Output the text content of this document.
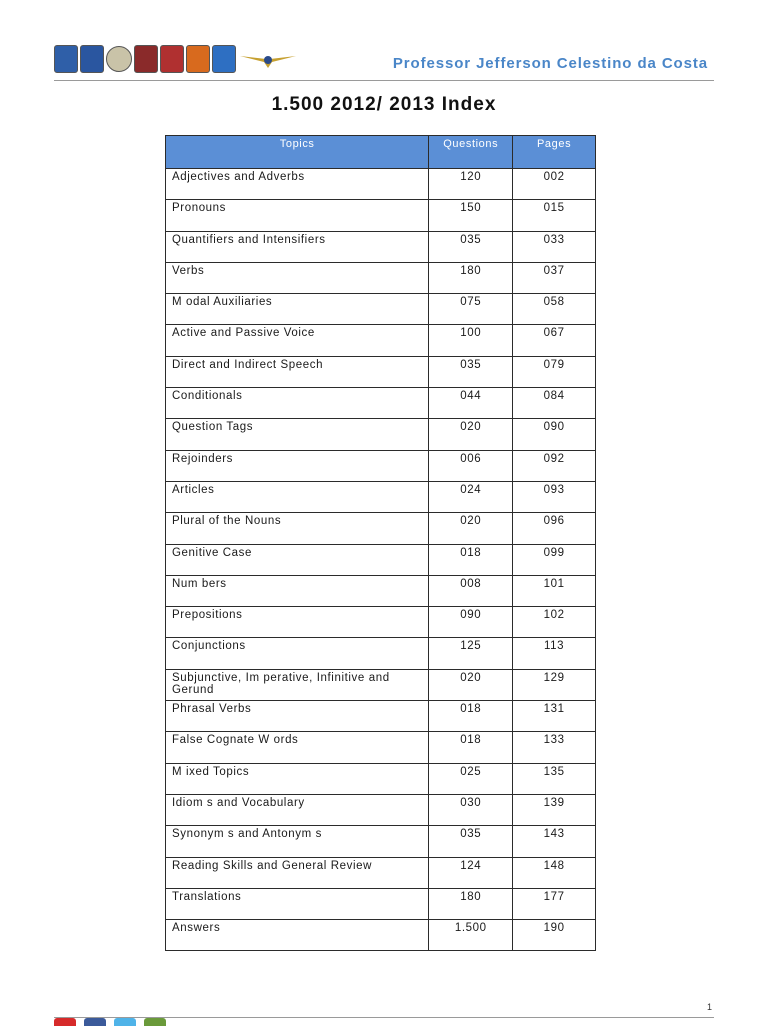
Professor Jefferson Celestino da Costa
1.500 2012/ 2013 Index
Topics	Questions	Pages
Adjectives and Adverbs	120	002
Pronouns	150	015
Quantifiers and Intensifiers	035	033
Verbs	180	037
M odal Auxiliaries	075	058
Active and Passive Voice	100	067
Direct and Indirect Speech	035	079
Conditionals	044	084
Question Tags	020	090
Rejoinders	006	092
Articles	024	093
Plural of the Nouns	020	096
Genitive Case	018	099
Num bers	008	101
Prepositions	090	102
Conjunctions	125	113
Subjunctive, Im perative, Infinitive and Gerund	020	129
Phrasal Verbs	018	131
False Cognate W ords	018	133
M ixed Topics	025	135
Idiom s and Vocabulary	030	139
Synonym s and Antonym s	035	143
Reading Skills and General Review	124	148
Translations	180	177
Answers	1.500	190
1
